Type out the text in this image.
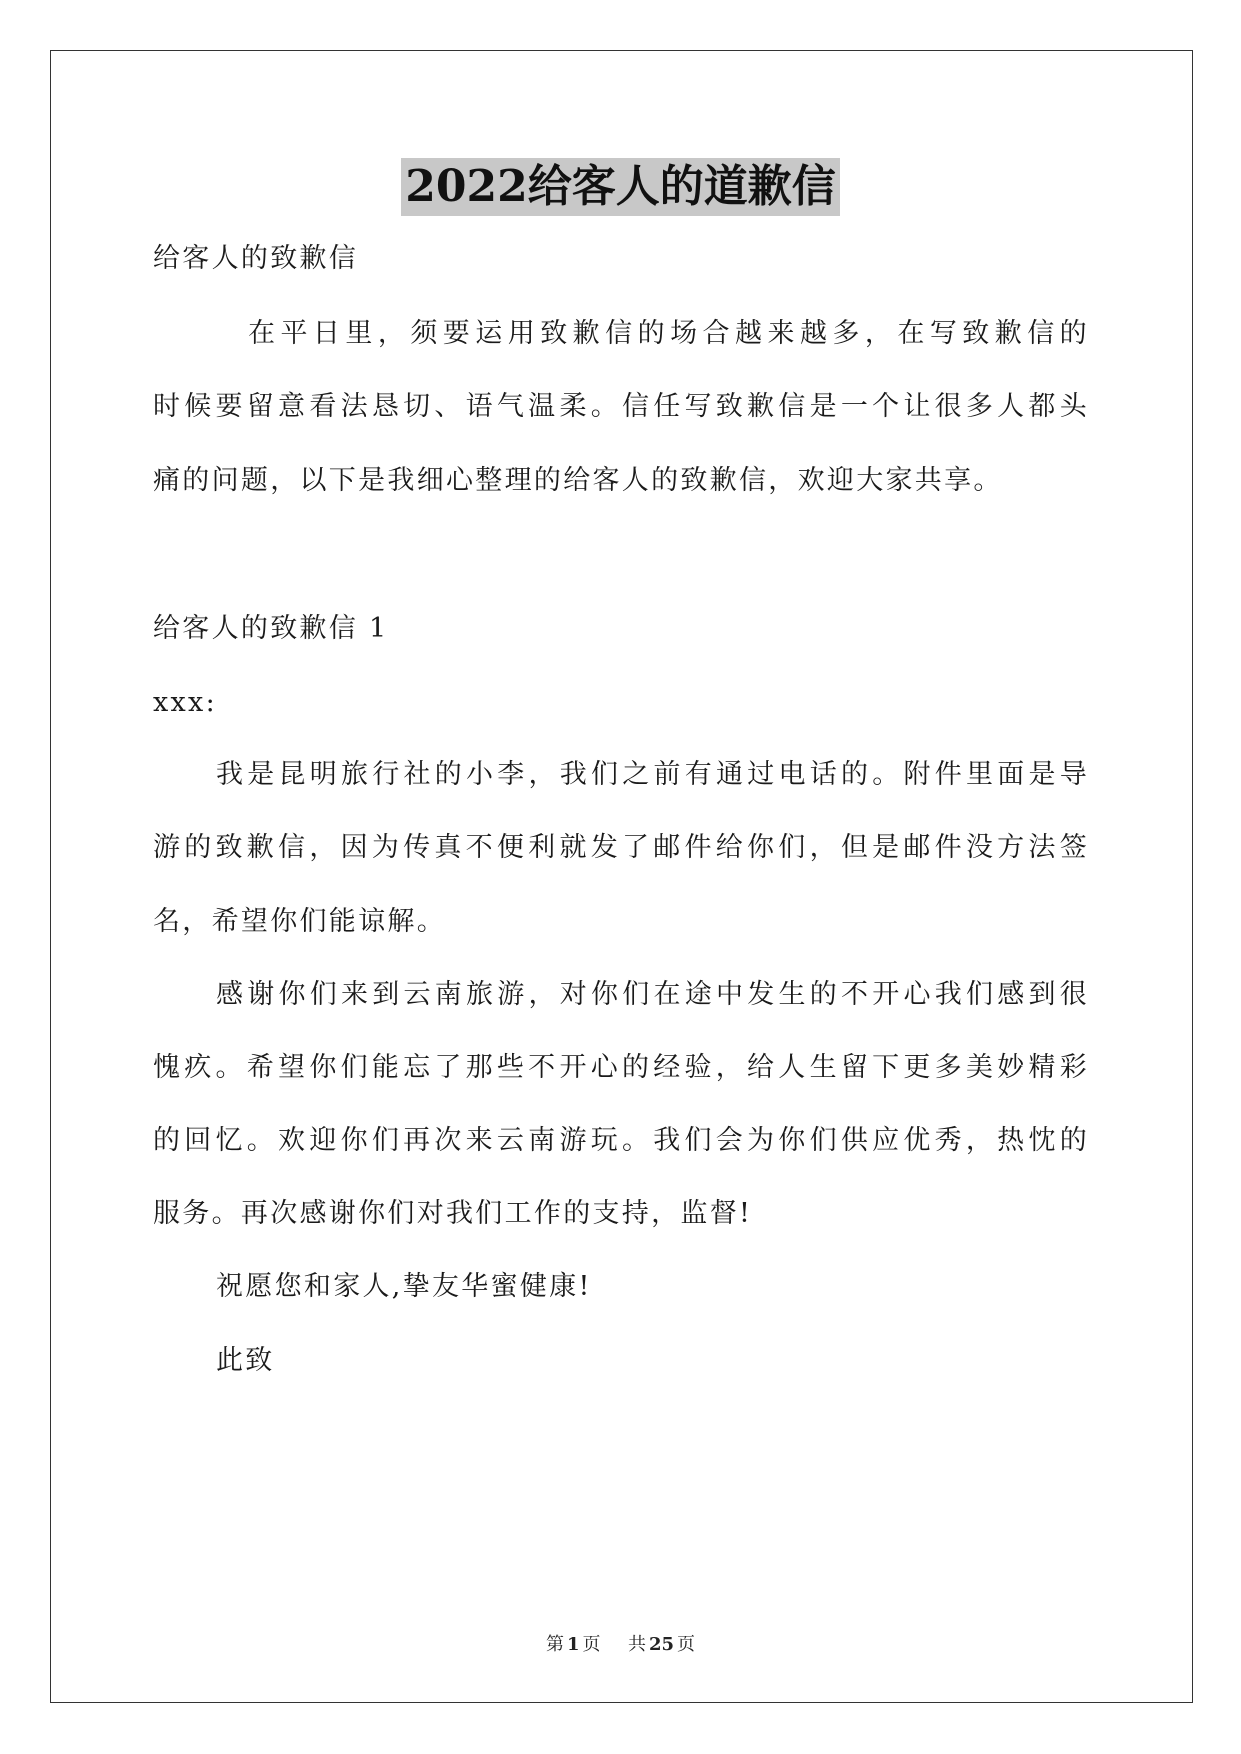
2022给客人的道歉信
给客人的致歉信
在平日里，须要运用致歉信的场合越来越多，在写致歉信的
时候要留意看法恳切、语气温柔。信任写致歉信是一个让很多人都头
痛的问题，以下是我细心整理的给客人的致歉信，欢迎大家共享。
给客人的致歉信 1
xxx:
我是昆明旅行社的小李，我们之前有通过电话的。附件里面是导
游的致歉信，因为传真不便利就发了邮件给你们，但是邮件没方法签
名，希望你们能谅解。
感谢你们来到云南旅游，对你们在途中发生的不开心我们感到很
愧疚。希望你们能忘了那些不开心的经验，给人生留下更多美妙精彩
的回忆。欢迎你们再次来云南游玩。我们会为你们供应优秀，热忱的
服务。再次感谢你们对我们工作的支持，监督!
祝愿您和家人,挚友华蜜健康!
此致
第 1 页 共 25 页
